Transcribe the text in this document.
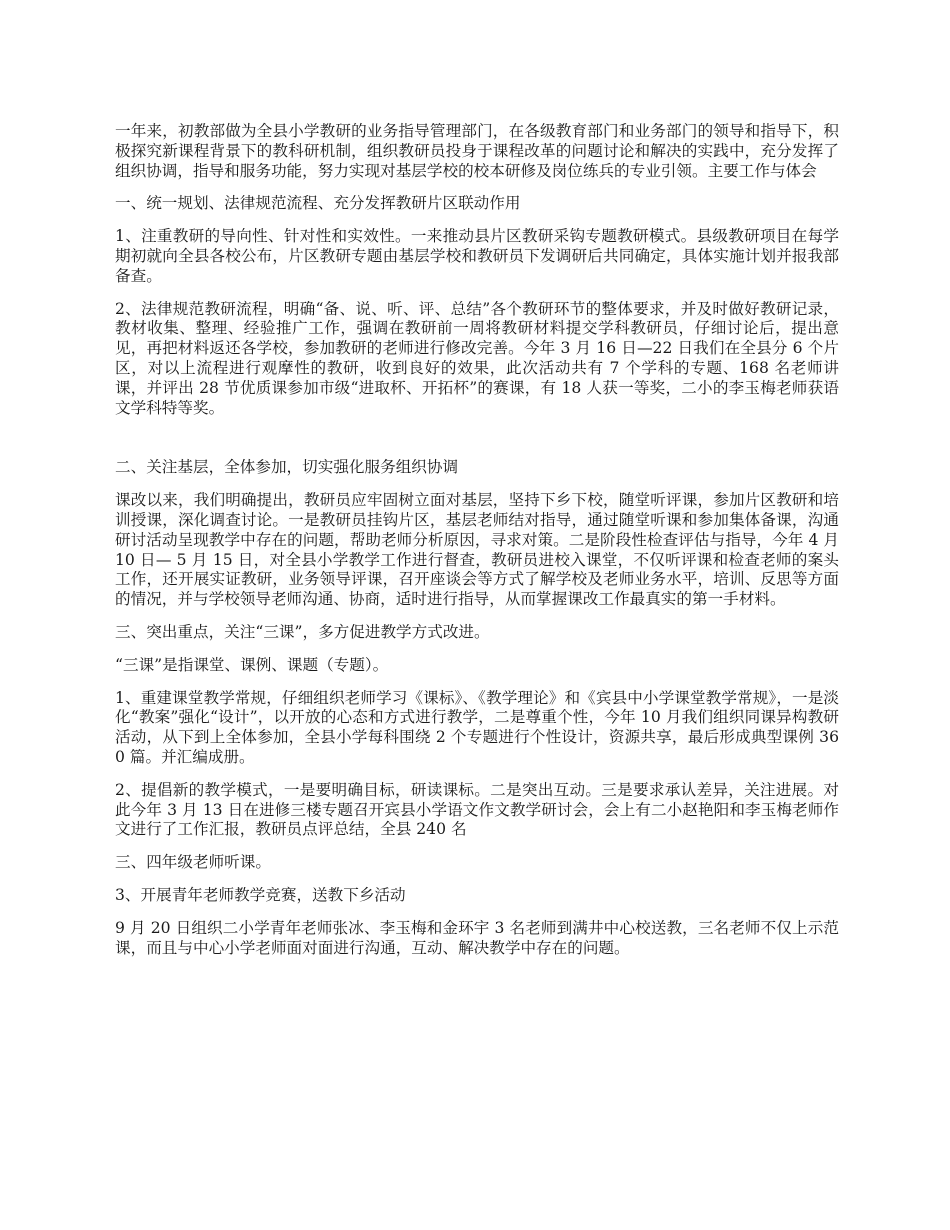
一年来，初教部做为全县小学教研的业务指导管理部门，在各级教育部门和业务部门的领导和指导下，积极探究新课程背景下的教科研机制，组织教研员投身于课程改革的问题讨论和解决的实践中，充分发挥了组织协调，指导和服务功能，努力实现对基层学校的校本研修及岗位练兵的专业引领。主要工作与体会

一、统一规划、法律规范流程、充分发挥教研片区联动作用

1、注重教研的导向性、针对性和实效性。一来推动县片区教研采钩专题教研模式。县级教研项目在每学期初就向全县各校公布，片区教研专题由基层学校和教研员下发调研后共同确定，具体实施计划并报我部备查。

2、法律规范教研流程，明确“备、说、听、评、总结”各个教研环节的整体要求，并及时做好教研记录，教材收集、整理、经验推广工作，强调在教研前一周将教研材料提交学科教研员，仔细讨论后，提出意见，再把材料返还各学校，参加教研的老师进行修改完善。今年 3 月 16 日—22 日我们在全县分 6 个片区，对以上流程进行观摩性的教研，收到良好的效果，此次活动共有 7 个学科的专题、168 名老师讲课，并评出 28 节优质课参加市级“进取杯、开拓杯”的赛课，有 18 人获一等奖，二小的李玉梅老师获语文学科特等奖。

二、关注基层，全体参加，切实强化服务组织协调

课改以来，我们明确提出，教研员应牢固树立面对基层，坚持下乡下校，随堂听评课，参加片区教研和培训授课，深化调查讨论。一是教研员挂钩片区，基层老师结对指导，通过随堂听课和参加集体备课，沟通研讨活动呈现教学中存在的问题，帮助老师分析原因，寻求对策。二是阶段性检查评估与指导，今年 4 月 10 日— 5 月 15 日，对全县小学教学工作进行督查，教研员进校入课堂，不仅听评课和检查老师的案头工作，还开展实证教研，业务领导评课，召开座谈会等方式了解学校及老师业务水平，培训、反思等方面的情况，并与学校领导老师沟通、协商，适时进行指导，从而掌握课改工作最真实的第一手材料。

三、突出重点，关注“三课”，多方促进教学方式改进。

“三课”是指课堂、课例、课题（专题）。

1、重建课堂教学常规，仔细组织老师学习《课标》、《教学理论》和《宾县中小学课堂教学常规》，一是淡化“教案”强化“设计”，以开放的心态和方式进行教学，二是尊重个性，今年 10 月我们组织同课异构教研活动，从下到上全体参加，全县小学每科围绕 2 个专题进行个性设计，资源共享，最后形成典型课例 360 篇。并汇编成册。

2、提倡新的教学模式，一是要明确目标，研读课标。二是突出互动。三是要求承认差异，关注进展。对此今年 3 月 13 日在进修三楼专题召开宾县小学语文作文教学研讨会，会上有二小赵艳阳和李玉梅老师作文进行了工作汇报，教研员点评总结，全县 240 名

三、四年级老师听课。

3、开展青年老师教学竞赛，送教下乡活动

9 月 20 日组织二小学青年老师张冰、李玉梅和金环宇 3 名老师到满井中心校送教，三名老师不仅上示范课，而且与中心小学老师面对面进行沟通，互动、解决教学中存在的问题。
